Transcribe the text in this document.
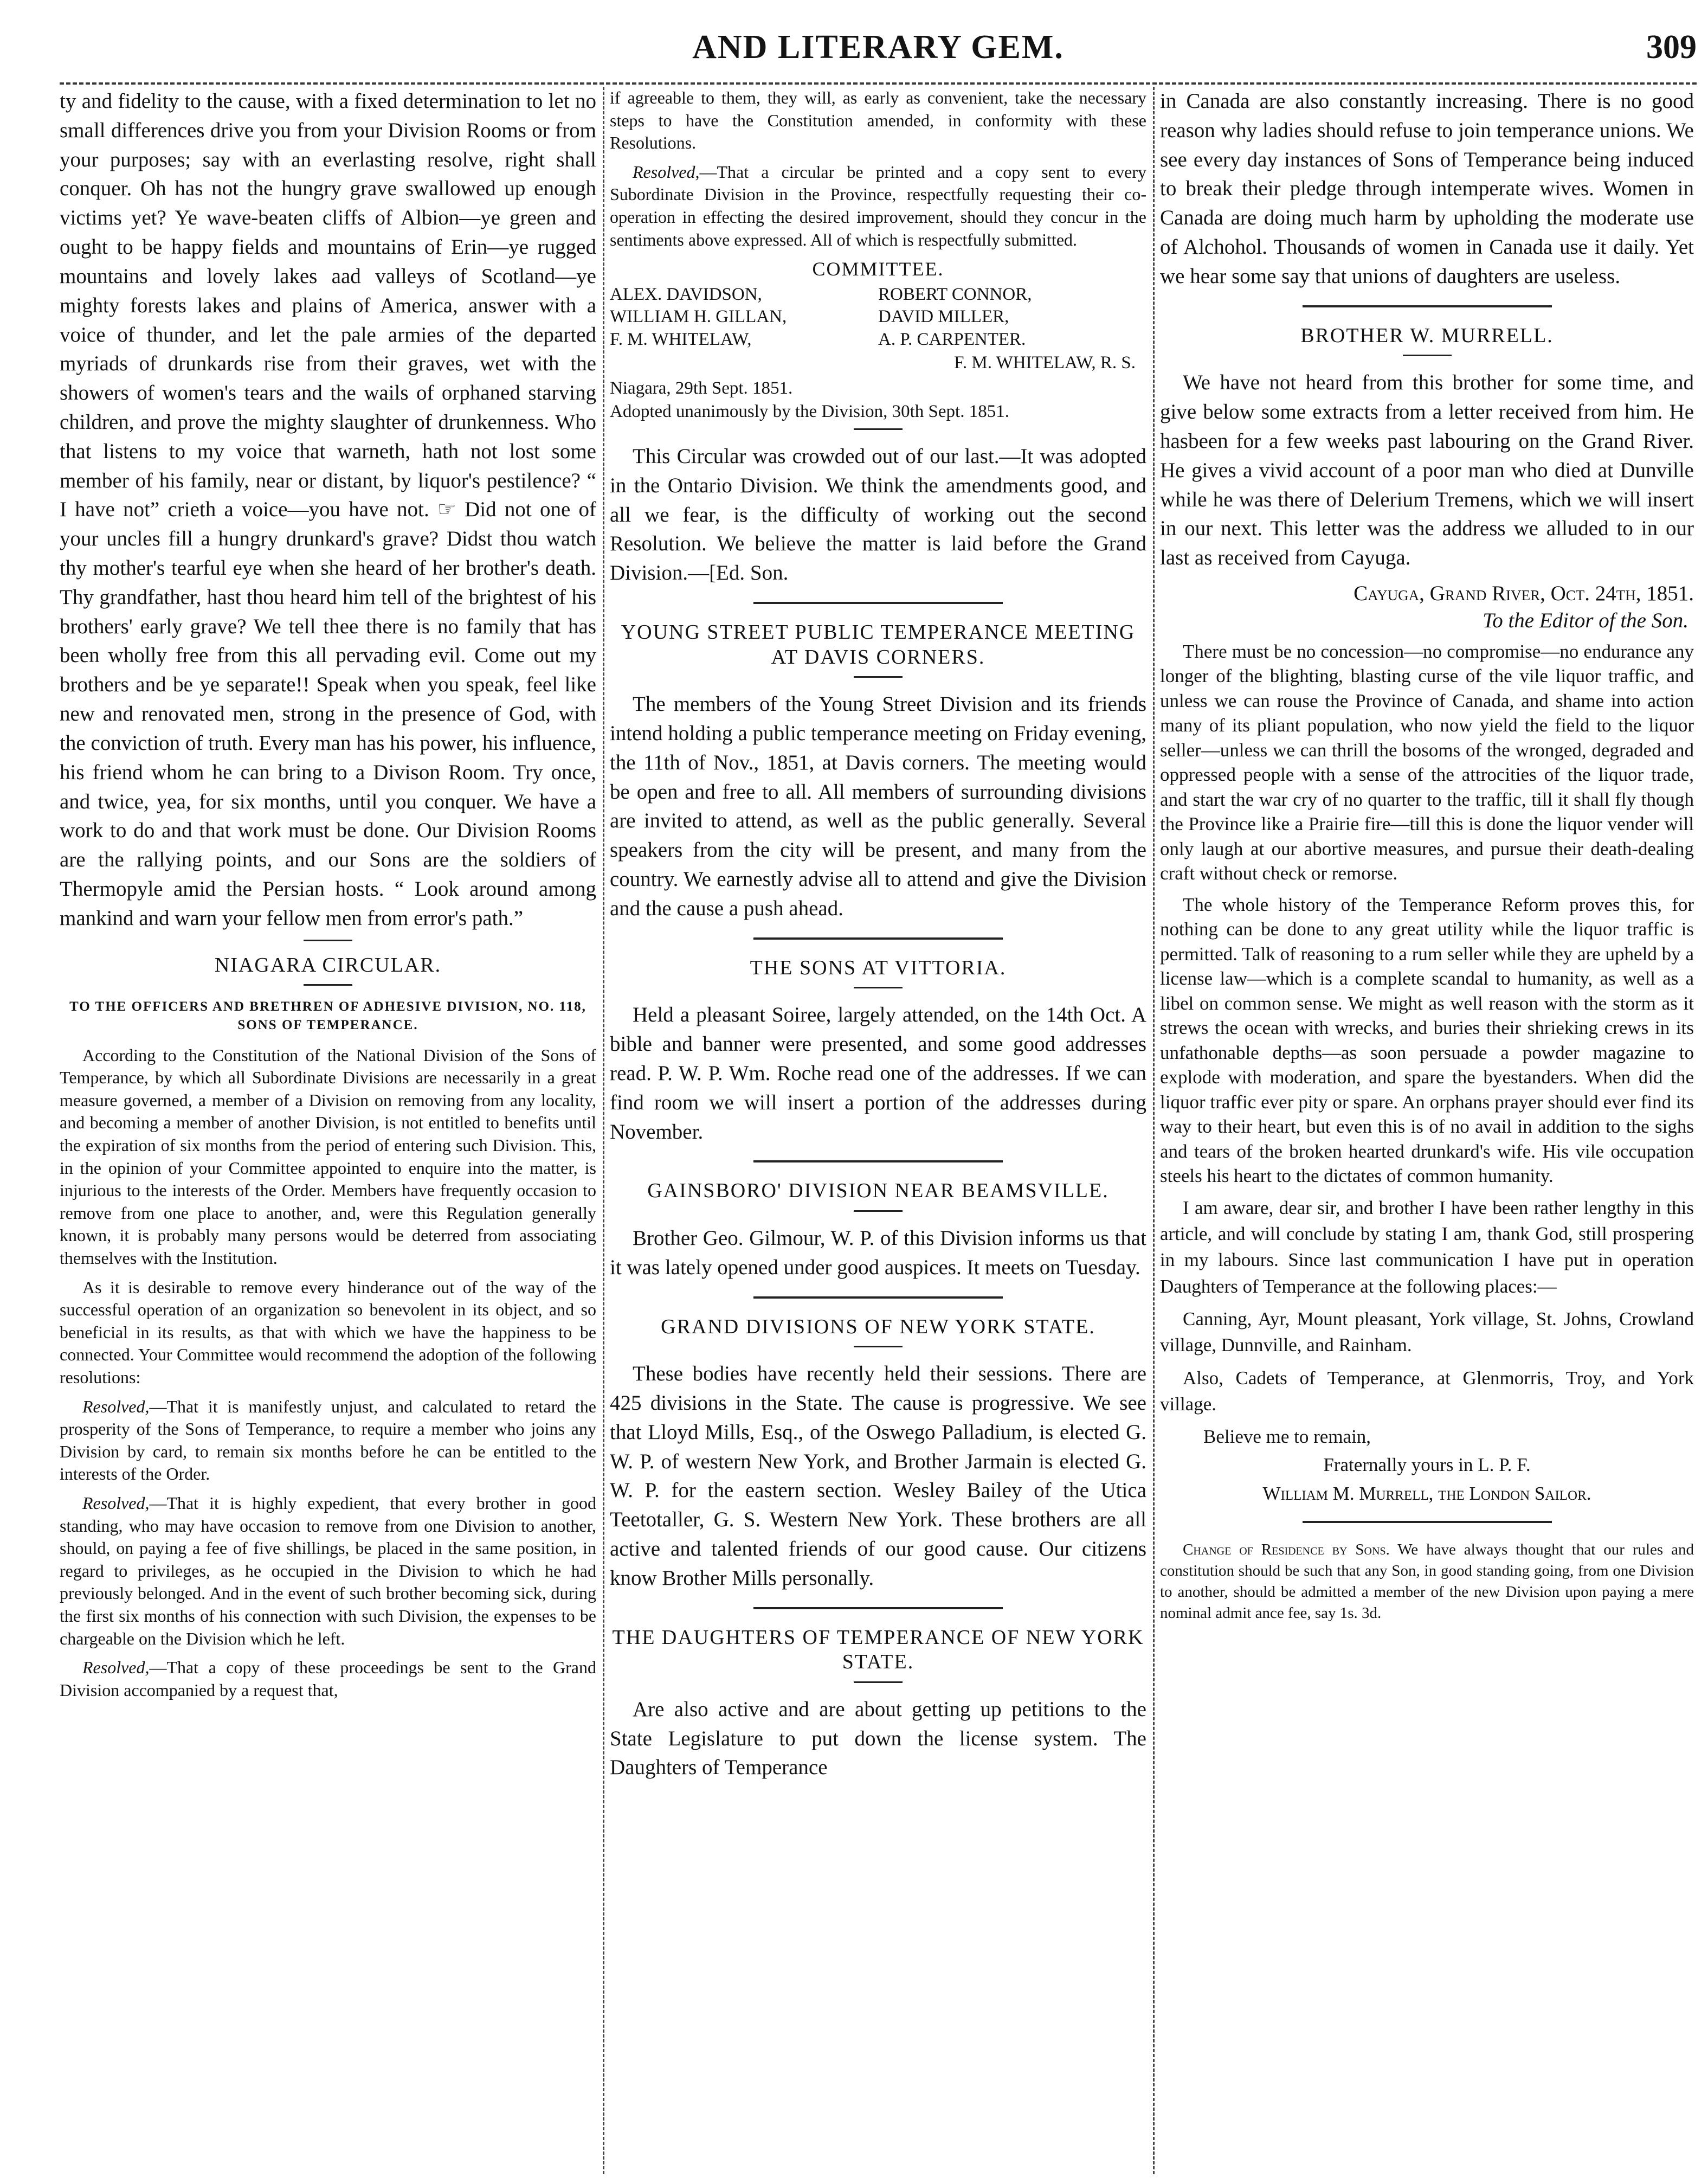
AND LITERARY GEM.	309

ty and fidelity to the cause, with a fixed determination to let no small differences drive you from your Division Rooms or from your purposes; say with an everlasting resolve, right shall conquer. Oh has not the hungry grave swallowed up enough victims yet? Ye wave-beaten cliffs of Albion—ye green and ought to be happy fields and mountains of Erin—ye rugged mountains and lovely lakes aad valleys of Scotland—ye mighty forests lakes and plains of America, answer with a voice of thunder, and let the pale armies of the departed myriads of drunkards rise from their graves, wet with the showers of women's tears and the wails of orphaned starving children, and prove the mighty slaughter of drunkenness. Who that listens to my voice that warneth, hath not lost some member of his family, near or distant, by liquor's pestilence? “ I have not” crieth a voice—you have not. ☞ Did not one of your uncles fill a hungry drunkard's grave? Didst thou watch thy mother's tearful eye when she heard of her brother's death. Thy grandfather, hast thou heard him tell of the brightest of his brothers' early grave? We tell thee there is no family that has been wholly free from this all pervading evil. Come out my brothers and be ye separate!! Speak when you speak, feel like new and renovated men, strong in the presence of God, with the conviction of truth. Every man has his power, his influence, his friend whom he can bring to a Divison Room. Try once, and twice, yea, for six months, until you conquer. We have a work to do and that work must be done. Our Division Rooms are the rallying points, and our Sons are the soldiers of Thermopyle amid the Persian hosts. “ Look around among mankind and warn your fellow men from error's path.”

NIAGARA CIRCULAR.
TO THE OFFICERS AND BRETHREN OF ADHESIVE DIVISION, NO. 118, SONS OF TEMPERANCE.

According to the Constitution of the National Division of the Sons of Temperance, by which all Subordinate Divisions are necessarily in a great measure governed, a member of a Division on removing from any locality, and becoming a member of another Division, is not entitled to benefits until the expiration of six months from the period of entering such Division. This, in the opinion of your Committee appointed to enquire into the matter, is injurious to the interests of the Order. Members have frequently occasion to remove from one place to another, and, were this Regulation generally known, it is probably many persons would be deterred from associating themselves with the Institution.

As it is desirable to remove every hinderance out of the way of the successful operation of an organization so benevolent in its object, and so beneficial in its results, as that with which we have the happiness to be connected. Your Committee would recommend the adoption of the following resolutions:

Resolved,—That it is manifestly unjust, and calculated to retard the prosperity of the Sons of Temperance, to require a member who joins any Division by card, to remain six months before he can be entitled to the interests of the Order.

Resolved,—That it is highly expedient, that every brother in good standing, who may have occasion to remove from one Division to another, should, on paying a fee of five shillings, be placed in the same position, in regard to privileges, as he occupied in the Division to which he had previously belonged. And in the event of such brother becoming sick, during the first six months of his connection with such Division, the expenses to be chargeable on the Division which he left.

Resolved,—That a copy of these proceedings be sent to the Grand Division accompanied by a request that,

if agreeable to them, they will, as early as convenient, take the necessary steps to have the Constitution amended, in conformity with these Resolutions.

Resolved,—That a circular be printed and a copy sent to every Subordinate Division in the Province, respectfully requesting their co-operation in effecting the desired improvement, should they concur in the sentiments above expressed. All of which is respectfully submitted.

COMMITTEE.
ALEX. DAVIDSON,	ROBERT CONNOR,
WILLIAM H. GILLAN,	DAVID MILLER,
F. M. WHITELAW,	A. P. CARPENTER.
F. M. WHITELAW, R. S.
Niagara, 29th Sept. 1851.
Adopted unanimously by the Division, 30th Sept. 1851.

This Circular was crowded out of our last.—It was adopted in the Ontario Division. We think the amendments good, and all we fear, is the difficulty of working out the second Resolution. We believe the matter is laid before the Grand Division.—[Ed. Son.

YOUNG STREET PUBLIC TEMPERANCE MEETING AT DAVIS CORNERS.

The members of the Young Street Division and its friends intend holding a public temperance meeting on Friday evening, the 11th of Nov., 1851, at Davis corners. The meeting would be open and free to all. All members of surrounding divisions are invited to attend, as well as the public generally. Several speakers from the city will be present, and many from the country. We earnestly advise all to attend and give the Division and the cause a push ahead.

THE SONS AT VITTORIA.

Held a pleasant Soiree, largely attended, on the 14th Oct. A bible and banner were presented, and some good addresses read. P. W. P. Wm. Roche read one of the addresses. If we can find room we will insert a portion of the addresses during November.

GAINSBORO' DIVISION NEAR BEAMSVILLE.

Brother Geo. Gilmour, W. P. of this Division informs us that it was lately opened under good auspices. It meets on Tuesday.

GRAND DIVISIONS OF NEW YORK STATE.

These bodies have recently held their sessions. There are 425 divisions in the State. The cause is progressive. We see that Lloyd Mills, Esq., of the Oswego Palladium, is elected G. W. P. of western New York, and Brother Jarmain is elected G. W. P. for the eastern section. Wesley Bailey of the Utica Teetotaller, G. S. Western New York. These brothers are all active and talented friends of our good cause. Our citizens know Brother Mills personally.

THE DAUGHTERS OF TEMPERANCE OF NEW YORK STATE.

Are also active and are about getting up petitions to the State Legislature to put down the license system. The Daughters of Temperance

in Canada are also constantly increasing. There is no good reason why ladies should refuse to join temperance unions. We see every day instances of Sons of Temperance being induced to break their pledge through intemperate wives. Women in Canada are doing much harm by upholding the moderate use of Alchohol. Thousands of women in Canada use it daily. Yet we hear some say that unions of daughters are useless.

BROTHER W. MURRELL.

We have not heard from this brother for some time, and give below some extracts from a letter received from him. He hasbeen for a few weeks past labouring on the Grand River. He gives a vivid account of a poor man who died at Dunville while he was there of Delerium Tremens, which we will insert in our next. This letter was the address we alluded to in our last as received from Cayuga.

Cayuga, Grand River, Oct. 24th, 1851.
To the Editor of the Son.

There must be no concession—no compromise—no endurance any longer of the blighting, blasting curse of the vile liquor traffic, and unless we can rouse the Province of Canada, and shame into action many of its pliant population, who now yield the field to the liquor seller—unless we can thrill the bosoms of the wronged, degraded and oppressed people with a sense of the attrocities of the liquor trade, and start the war cry of no quarter to the traffic, till it shall fly though the Province like a Prairie fire—till this is done the liquor vender will only laugh at our abortive measures, and pursue their death-dealing craft without check or remorse.

The whole history of the Temperance Reform proves this, for nothing can be done to any great utility while the liquor traffic is permitted. Talk of reasoning to a rum seller while they are upheld by a license law—which is a complete scandal to humanity, as well as a libel on common sense. We might as well reason with the storm as it strews the ocean with wrecks, and buries their shrieking crews in its unfathonable depths—as soon persuade a powder magazine to explode with moderation, and spare the byestanders. When did the liquor traffic ever pity or spare. An orphans prayer should ever find its way to their heart, but even this is of no avail in addition to the sighs and tears of the broken hearted drunkard's wife. His vile occupation steels his heart to the dictates of common humanity.

I am aware, dear sir, and brother I have been rather lengthy in this article, and will conclude by stating I am, thank God, still prospering in my labours. Since last communication I have put in operation Daughters of Temperance at the following places:—

Canning, Ayr, Mount pleasant, York village, St. Johns, Crowland village, Dunnville, and Rainham.

Also, Cadets of Temperance, at Glenmorris, Troy, and York village.

Believe me to remain,
Fraternally yours in L. P. F.
William M. Murrell, the London Sailor.

Change of Residence by Sons. We have always thought that our rules and constitution should be such that any Son, in good standing going, from one Division to another, should be admitted a member of the new Division upon paying a mere nominal admit ance fee, say 1s. 3d.
